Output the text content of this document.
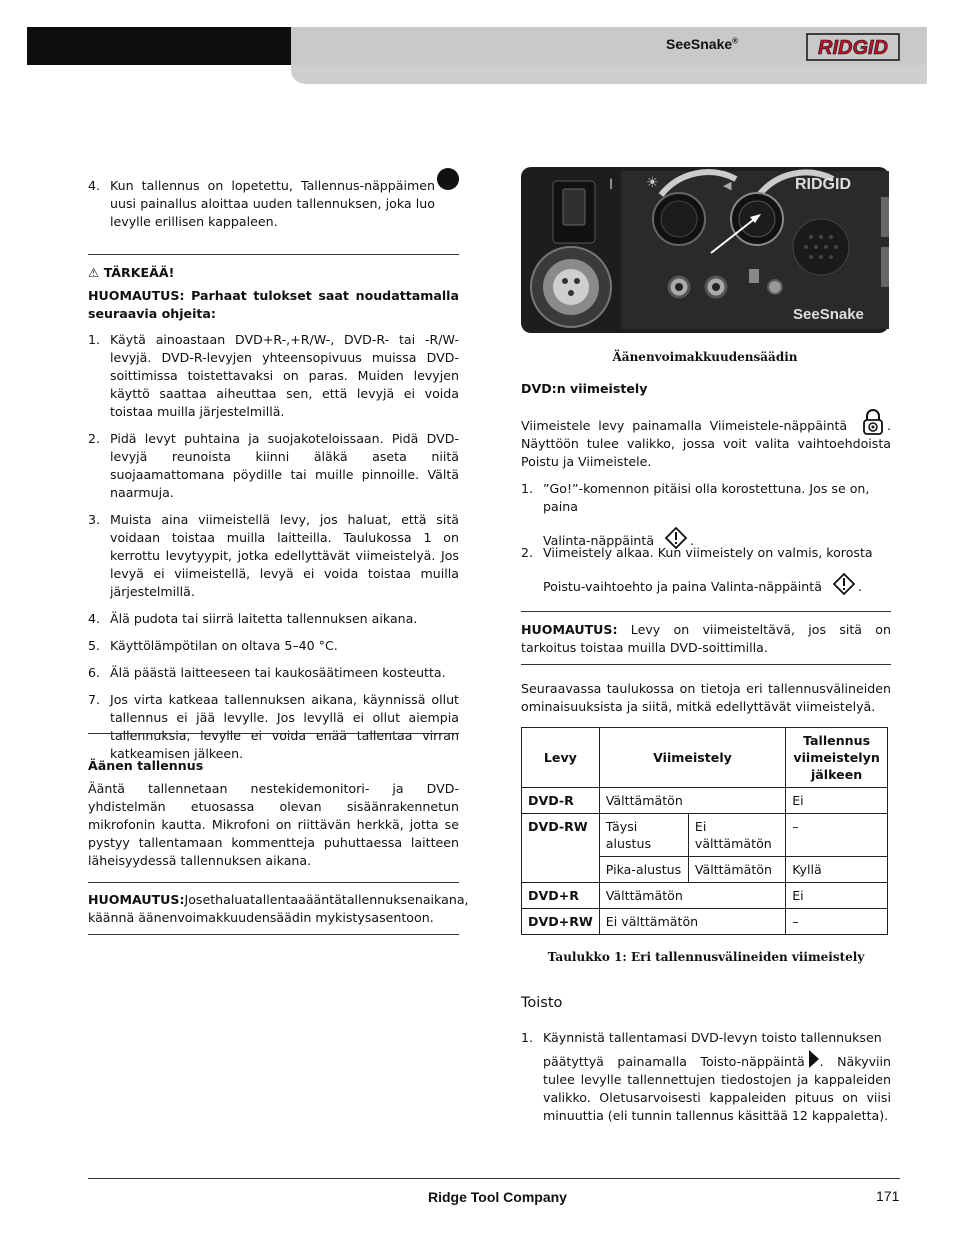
SeeSnake®	RIDGID
4. Kun tallennus on lopetettu, Tallennus-näppäimen uusi painallus aloittaa uuden tallennuksen, joka luo levylle erillisen kappaleen.
⚠ TÄRKEÄÄ!
HUOMAUTUS: Parhaat tulokset saat noudattamalla seuraavia ohjeita:
1. Käytä ainoastaan DVD+R-,+R/W-, DVD-R- tai -R/W-levyjä. DVD-R-levyjen yhteensopivuus muissa DVD-soittimissa toistettavaksi on paras. Muiden levyjen käyttö saattaa aiheuttaa sen, että levyjä ei voida toistaa muilla järjestelmillä.
2. Pidä levyt puhtaina ja suojakoteloissaan. Pidä DVD-levyjä reunoista kiinni äläkä aseta niitä suojaamattomana pöydille tai muille pinnoille. Vältä naarmuja.
3. Muista aina viimeistellä levy, jos haluat, että sitä voidaan toistaa muilla laitteilla. Taulukossa 1 on kerrottu levytyypit, jotka edellyttävät viimeistelyä. Jos levyä ei viimeistellä, levyä ei voida toistaa muilla järjestelmillä.
4. Älä pudota tai siirrä laitetta tallennuksen aikana.
5. Käyttölämpötilan on oltava 5–40 °C.
6. Älä päästä laitteeseen tai kaukosäätimeen kosteutta.
7. Jos virta katkeaa tallennuksen aikana, käynnissä ollut tallennus ei jää levylle. Jos levyllä ei ollut aiempia tallennuksia, levylle ei voida enää tallentaa virran katkeamisen jälkeen.
Äänen tallennus
Ääntä tallennetaan nestekidemonitori- ja DVD-yhdistelmän etuosassa olevan sisäänrakennetun mikrofonin kautta. Mikrofoni on riittävän herkkä, jotta se pystyy tallentamaan kommentteja puhuttaessa laitteen läheisyydessä tallennuksen aikana.
HUOMAUTUS:Josethaluatallentaaääntätallennuksenaikana, käännä äänenvoimakkuudensäädin mykistysasentoon.
I ☀	◀	RIDGID
SeeSnake
Äänenvoimakkuudensäädin
DVD:n viimeistely
Viimeistele levy painamalla Viimeistele-näppäintä	. Näyttöön tulee valikko, jossa voit valita vaihtoehdoista Poistu ja Viimeistele.
1. ”Go!”-komennon pitäisi olla korostettuna. Jos se on, paina
Valinta-näppäintä	.
2. Viimeistely alkaa. Kun viimeistely on valmis, korosta
Poistu-vaihtoehto ja paina Valinta-näppäintä	.
HUOMAUTUS: Levy on viimeisteltävä, jos sitä on tarkoitus toistaa muilla DVD-soittimilla.
Seuraavassa taulukossa on tietoja eri tallennusvälineiden ominaisuuksista ja siitä, mitkä edellyttävät viimeistelyä.
Levy	Viimeistely		Tallennus viimeistelyn jälkeen
DVD-R	Välttämätön		Ei
DVD-RW	Täysi alustus	Ei välttämätön	–
	Pika-alustus	Välttämätön	Kyllä
DVD+R	Välttämätön		Ei
DVD+RW	Ei välttämätön		–
Taulukko 1: Eri tallennusvälineiden viimeistely
Toisto
1. Käynnistä tallentamasi DVD-levyn toisto tallennuksen
päätyttyä painamalla Toisto-näppäintä . Näkyviin tulee levylle tallennettujen tiedostojen ja kappaleiden valikko. Oletusarvoisesti kappaleiden pituus on viisi minuuttia (eli tunnin tallennus käsittää 12 kappaletta).
Ridge Tool Company	171
